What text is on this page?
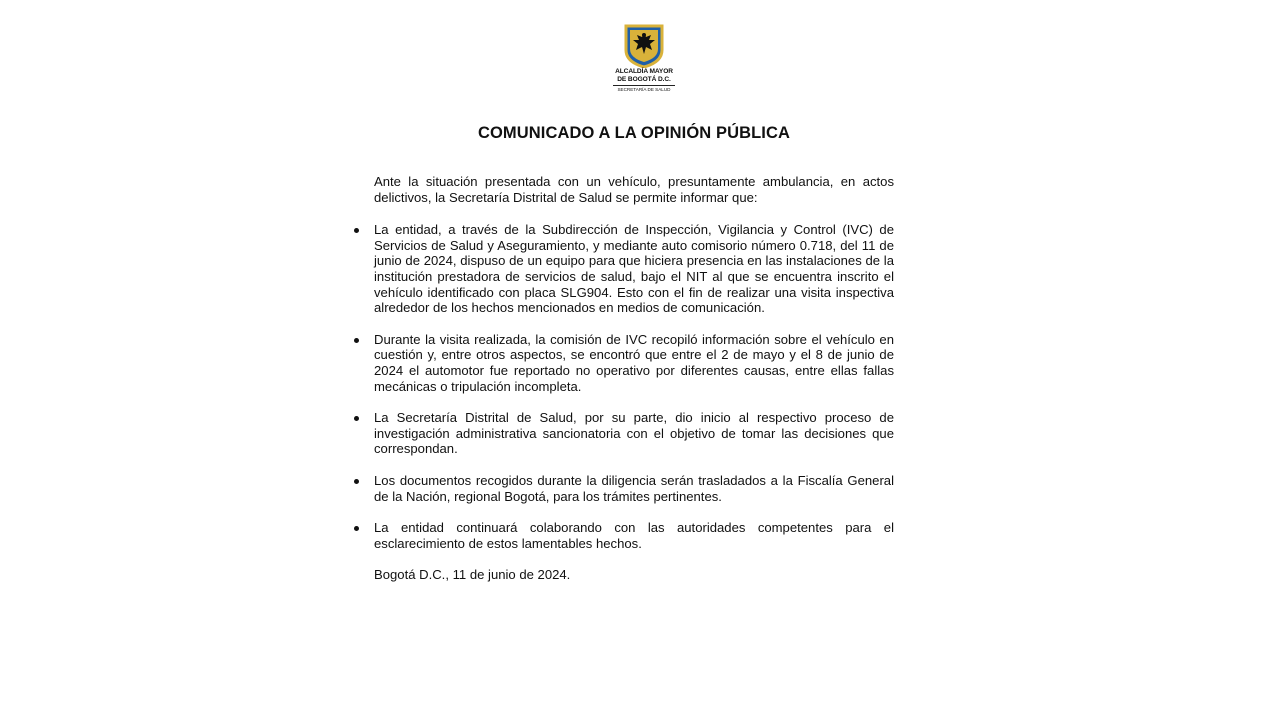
ALCALDÍA MAYOR
DE BOGOTÁ D.C.
SECRETARÍA DE SALUD
COMUNICADO A LA OPINIÓN PÚBLICA

Ante la situación presentada con un vehículo, presuntamente ambulancia, en actos delictivos, la Secretaría Distrital de Salud se permite informar que:

La entidad, a través de la Subdirección de Inspección, Vigilancia y Control (IVC) de Servicios de Salud y Aseguramiento, y mediante auto comisorio número 0.718, del 11 de junio de 2024, dispuso de un equipo para que hiciera presencia en las instalaciones de la institución prestadora de servicios de salud, bajo el NIT al que se encuentra inscrito el vehículo identificado con placa SLG904. Esto con el fin de realizar una visita inspectiva alrededor de los hechos mencionados en medios de comunicación.
Durante la visita realizada, la comisión de IVC recopiló información sobre el vehículo en cuestión y, entre otros aspectos, se encontró que entre el 2 de mayo y el 8 de junio de 2024 el automotor fue reportado no operativo por diferentes causas, entre ellas fallas mecánicas o tripulación incompleta.
La Secretaría Distrital de Salud, por su parte, dio inicio al respectivo proceso de investigación administrativa sancionatoria con el objetivo de tomar las decisiones que correspondan.
Los documentos recogidos durante la diligencia serán trasladados a la Fiscalía General de la Nación, regional Bogotá, para los trámites pertinentes.
La entidad continuará colaborando con las autoridades competentes para el esclarecimiento de estos lamentables hechos.

Bogotá D.C., 11 de junio de 2024.
